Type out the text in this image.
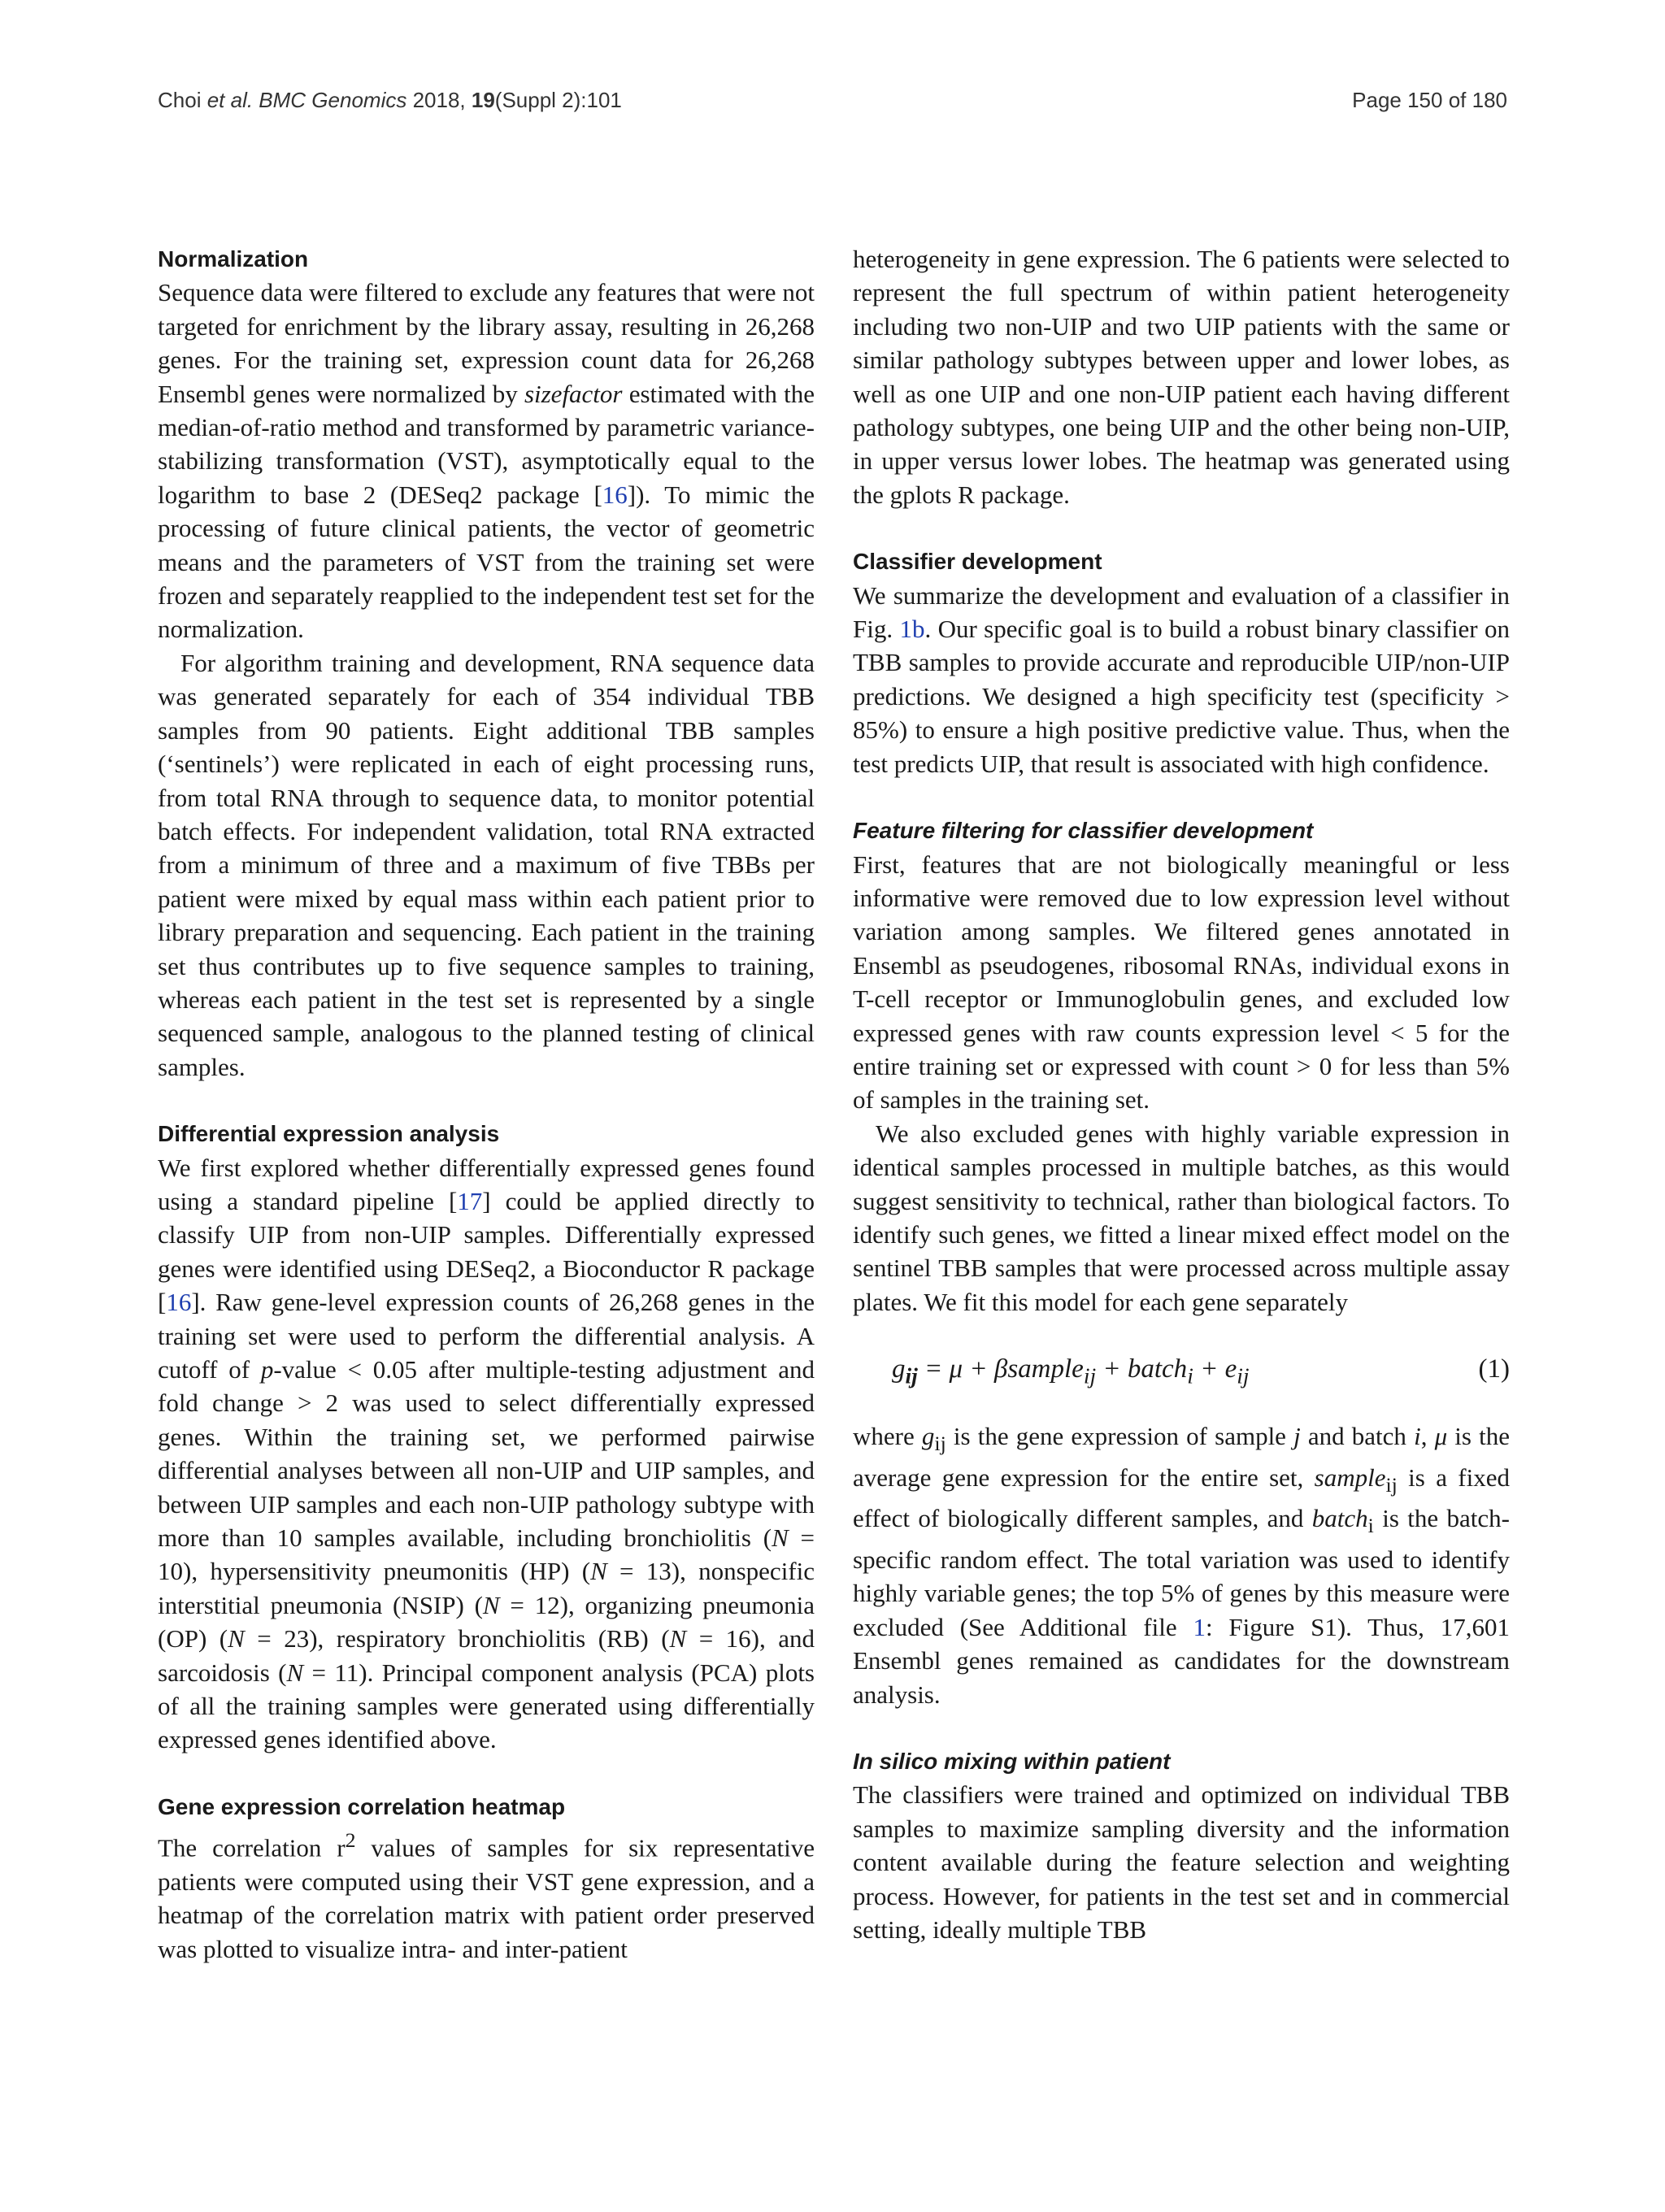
Choi et al. BMC Genomics 2018, 19(Suppl 2):101	Page 150 of 180
Normalization

Sequence data were filtered to exclude any features that were not targeted for enrichment by the library assay, resulting in 26,268 genes. For the training set, expression count data for 26,268 Ensembl genes were normalized by sizefactor estimated with the median-of-ratio method and transformed by parametric variance-stabilizing transformation (VST), asymptotically equal to the logarithm to base 2 (DESeq2 package [16]). To mimic the processing of future clinical patients, the vector of geometric means and the parameters of VST from the training set were frozen and separately reapplied to the independent test set for the normalization.

For algorithm training and development, RNA sequence data was generated separately for each of 354 individual TBB samples from 90 patients. Eight additional TBB samples (‘sentinels’) were replicated in each of eight processing runs, from total RNA through to sequence data, to monitor potential batch effects. For independent validation, total RNA extracted from a minimum of three and a maximum of five TBBs per patient were mixed by equal mass within each patient prior to library preparation and sequencing. Each patient in the training set thus contributes up to five sequence samples to training, whereas each patient in the test set is represented by a single sequenced sample, analogous to the planned testing of clinical samples.

Differential expression analysis

We first explored whether differentially expressed genes found using a standard pipeline [17] could be applied directly to classify UIP from non-UIP samples. Differentially expressed genes were identified using DESeq2, a Bioconductor R package [16]. Raw gene-level expression counts of 26,268 genes in the training set were used to perform the differential analysis. A cutoff of p-value < 0.05 after multiple-testing adjustment and fold change > 2 was used to select differentially expressed genes. Within the training set, we performed pairwise differential analyses between all non-UIP and UIP samples, and between UIP samples and each non-UIP pathology subtype with more than 10 samples available, including bronchiolitis (N = 10), hypersensitivity pneumonitis (HP) (N = 13), nonspecific interstitial pneumonia (NSIP) (N = 12), organizing pneumonia (OP) (N = 23), respiratory bronchiolitis (RB) (N = 16), and sarcoidosis (N = 11). Principal component analysis (PCA) plots of all the training samples were generated using differentially expressed genes identified above.

Gene expression correlation heatmap

The correlation $r^2$ values of samples for six representative patients were computed using their VST gene expression, and a heatmap of the correlation matrix with patient order preserved was plotted to visualize intra- and inter-patient

heterogeneity in gene expression. The 6 patients were selected to represent the full spectrum of within patient heterogeneity including two non-UIP and two UIP patients with the same or similar pathology subtypes between upper and lower lobes, as well as one UIP and one non-UIP patient each having different pathology subtypes, one being UIP and the other being non-UIP, in upper versus lower lobes. The heatmap was generated using the gplots R package.

Classifier development

We summarize the development and evaluation of a classifier in Fig. 1b. Our specific goal is to build a robust binary classifier on TBB samples to provide accurate and reproducible UIP/non-UIP predictions. We designed a high specificity test (specificity > 85%) to ensure a high positive predictive value. Thus, when the test predicts UIP, that result is associated with high confidence.

Feature filtering for classifier development

First, features that are not biologically meaningful or less informative were removed due to low expression level without variation among samples. We filtered genes annotated in Ensembl as pseudogenes, ribosomal RNAs, individual exons in T-cell receptor or Immunoglobulin genes, and excluded low expressed genes with raw counts expression level < 5 for the entire training set or expressed with count > 0 for less than 5% of samples in the training set.

We also excluded genes with highly variable expression in identical samples processed in multiple batches, as this would suggest sensitivity to technical, rather than biological factors. To identify such genes, we fitted a linear mixed effect model on the sentinel TBB samples that were processed across multiple assay plates. We fit this model for each gene separately

$g_{ij} = \mu$ + βsample$_{ij}$ + batch$_i$ + $e_{ij}$	(1)

where $g_{ij}$ is the gene expression of sample j and batch i, μ is the average gene expression for the entire set, sample$_{ij}$ is a fixed effect of biologically different samples, and batch$_i$ is the batch-specific random effect. The total variation was used to identify highly variable genes; the top 5% of genes by this measure were excluded (See Additional file 1: Figure S1). Thus, 17,601 Ensembl genes remained as candidates for the downstream analysis.

In silico mixing within patient

The classifiers were trained and optimized on individual TBB samples to maximize sampling diversity and the information content available during the feature selection and weighting process. However, for patients in the test set and in commercial setting, ideally multiple TBB
